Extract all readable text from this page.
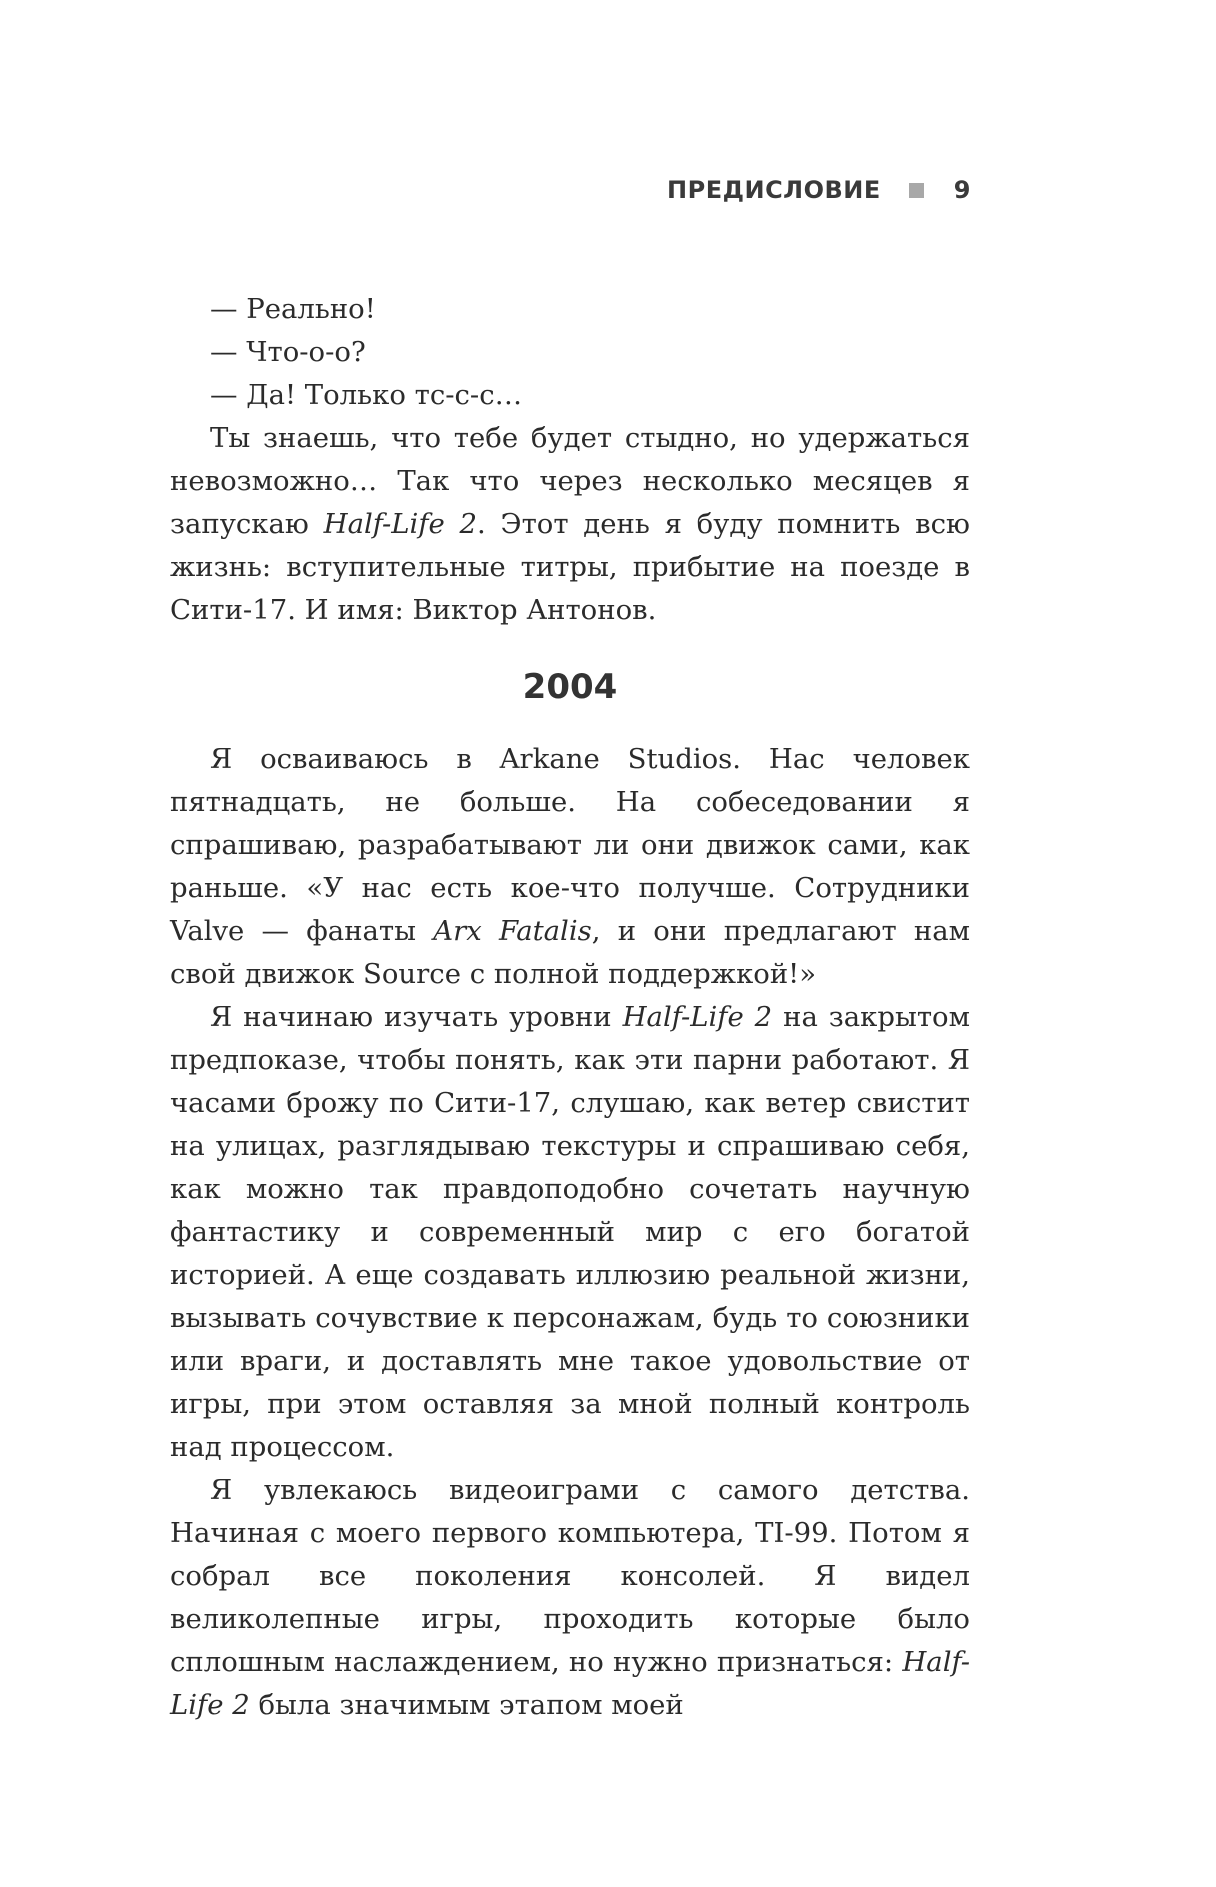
ПРЕДИСЛОВИЕ	9

— Реально!

— Что-о-о?

— Да! Только тс-с-с…

Ты знаешь, что тебе будет стыдно, но удержаться невозможно… Так что через несколько месяцев я запускаю Half-Life 2. Этот день я буду помнить всю жизнь: вступительные титры, прибытие на поезде в Сити-17. И имя: Виктор Антонов.

2004

Я осваиваюсь в Arkane Studios. Нас человек пятнадцать, не больше. На собеседовании я спрашиваю, разрабатывают ли они движок сами, как раньше. «У нас есть кое-что получше. Сотрудники Valve — фанаты Arx Fatalis, и они предлагают нам свой движок Source с полной поддержкой!»

Я начинаю изучать уровни Half-Life 2 на закрытом предпоказе, чтобы понять, как эти парни работают. Я часами брожу по Сити-17, слушаю, как ветер свистит на улицах, разглядываю текстуры и спрашиваю себя, как можно так правдоподобно сочетать научную фантастику и современный мир с его богатой историей. А еще создавать иллюзию реальной жизни, вызывать сочувствие к персонажам, будь то союзники или враги, и доставлять мне такое удовольствие от игры, при этом оставляя за мной полный контроль над процессом.

Я увлекаюсь видеоиграми с самого детства. Начиная с моего первого компьютера, TI-99. Потом я собрал все поколения консолей. Я видел великолепные игры, проходить которые было сплошным наслаждением, но нужно признаться: Half-Life 2 была значимым этапом моей
